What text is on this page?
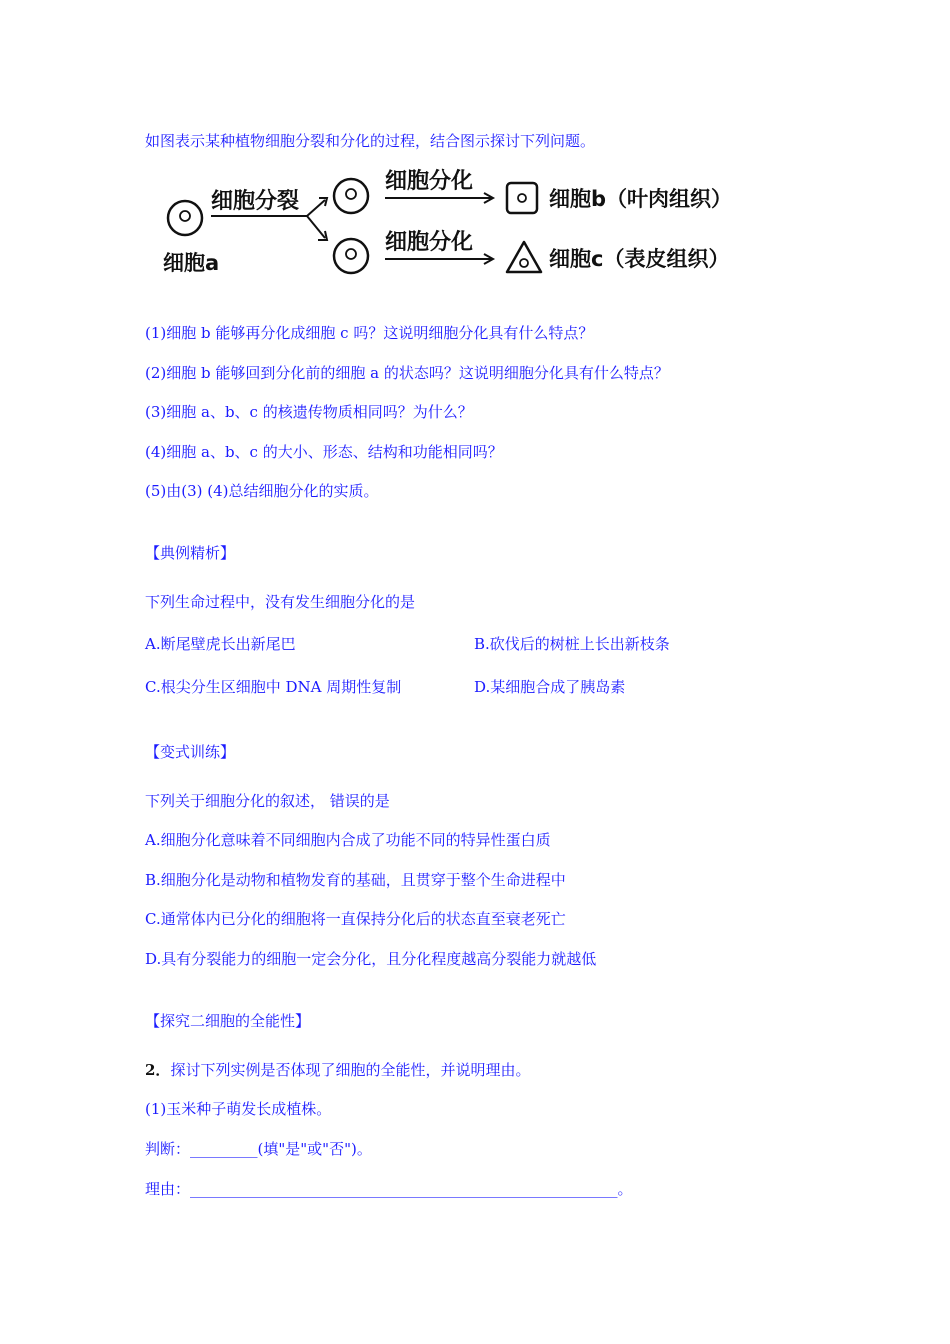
如图表示某种植物细胞分裂和分化的过程，结合图示探讨下列问题。
细胞a
细胞分裂
细胞分化
细胞分化
细胞b（叶肉组织）
细胞c（表皮组织）
(1)细胞 b 能够再分化成细胞 c 吗？这说明细胞分化具有什么特点？
(2)细胞 b 能够回到分化前的细胞 a 的状态吗？这说明细胞分化具有什么特点？
(3)细胞 a、b、c 的核遗传物质相同吗？为什么？
(4)细胞 a、b、c 的大小、形态、结构和功能相同吗？
(5)由(3) (4)总结细胞分化的实质。
【典例精析】
下列生命过程中，没有发生细胞分化的是
A.断尾壁虎长出新尾巴	B.砍伐后的树桩上长出新枝条
C.根尖分生区细胞中 DNA 周期性复制	D.某细胞合成了胰岛素
【变式训练】
下列关于细胞分化的叙述， 错误的是
A.细胞分化意味着不同细胞内合成了功能不同的特异性蛋白质
B.细胞分化是动物和植物发育的基础，且贯穿于整个生命进程中
C.通常体内已分化的细胞将一直保持分化后的状态直至衰老死亡
D.具有分裂能力的细胞一定会分化，且分化程度越高分裂能力就越低
【探究二细胞的全能性】
2．探讨下列实例是否体现了细胞的全能性，并说明理由。
(1)玉米种子萌发长成植株。
判断：_________(填"是"或"否")。
理由：_________________________________________________________。
